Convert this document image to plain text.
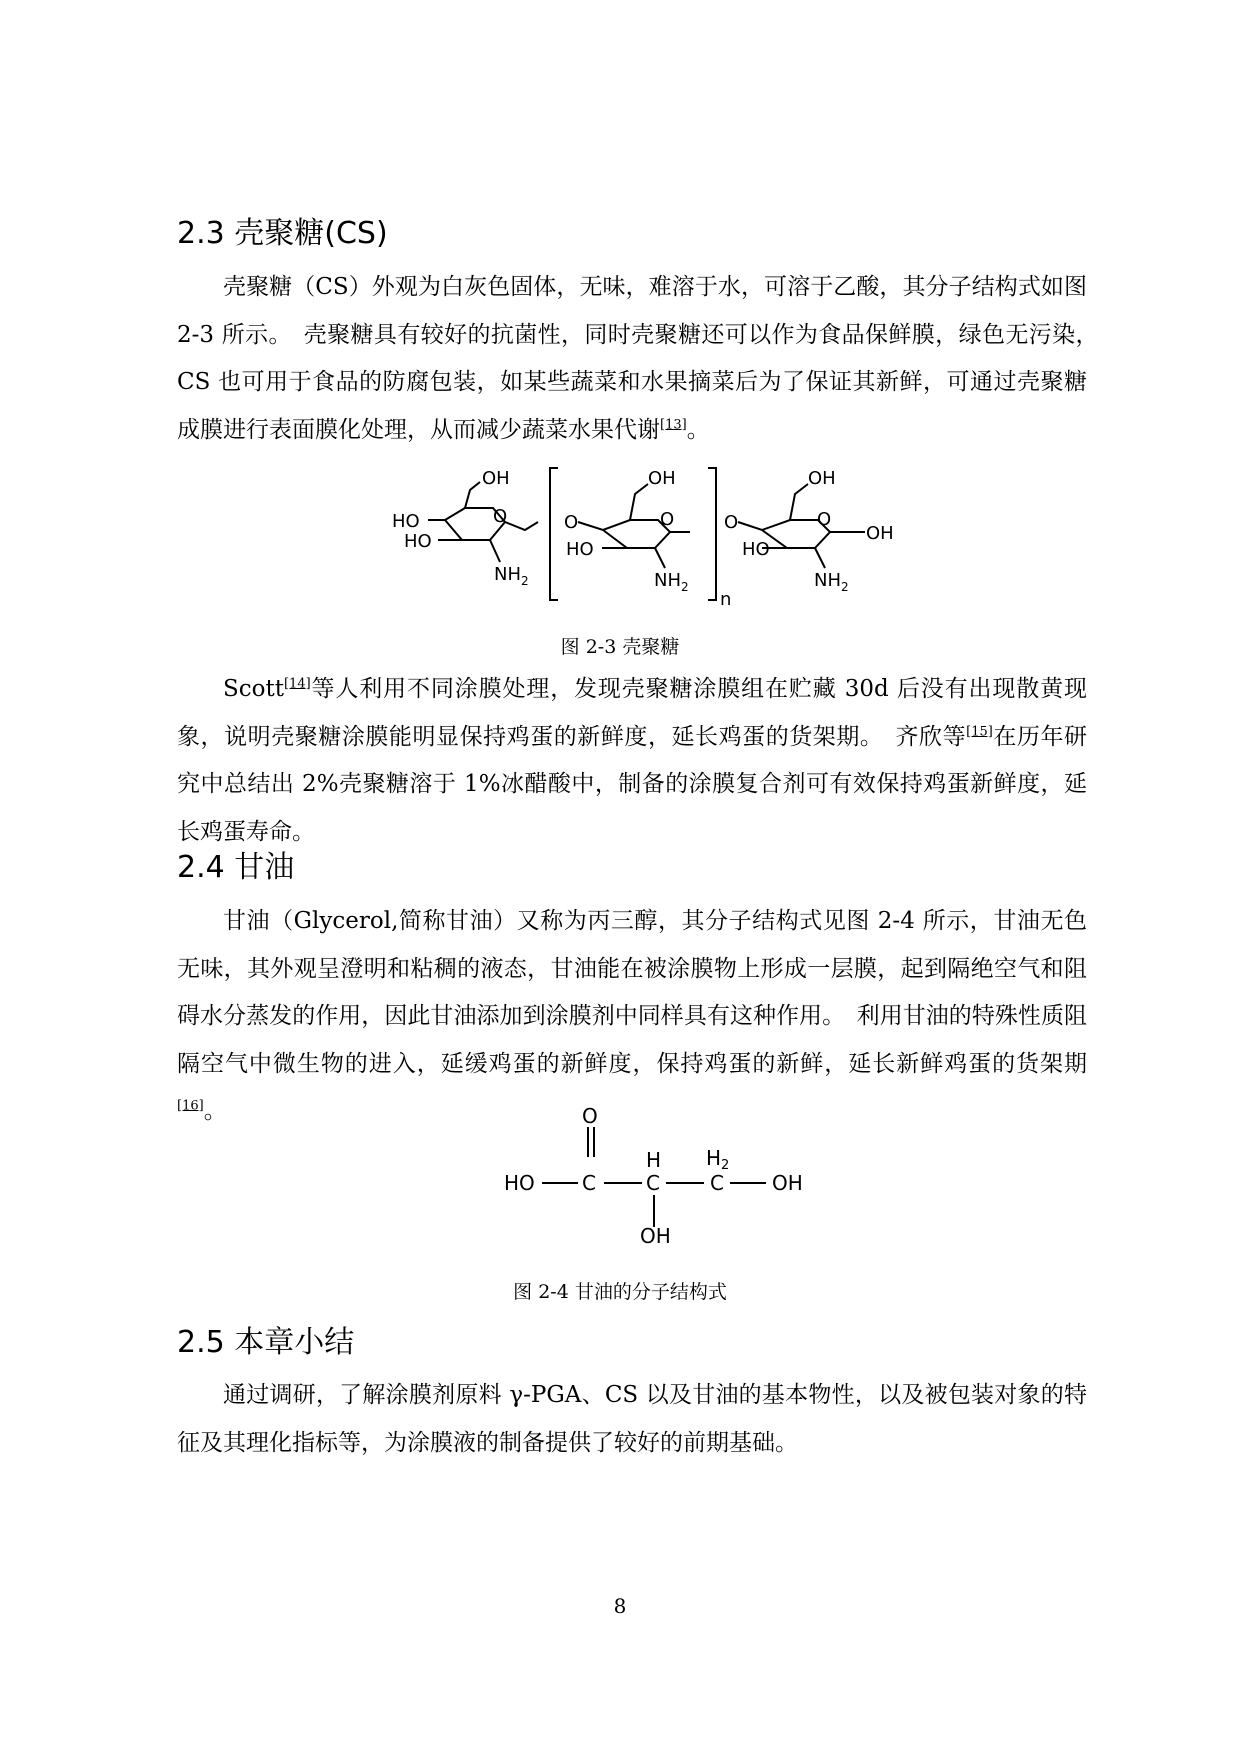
2.3 壳聚糖(CS)

壳聚糖（CS）外观为白灰色固体，无味，难溶于水，可溶于乙酸，其分子结构式如图 2-3 所示。　壳聚糖具有较好的抗菌性，同时壳聚糖还可以作为食品保鲜膜，绿色无污染，　CS 也可用于食品的防腐包装，如某些蔬菜和水果摘菜后为了保证其新鲜，可通过壳聚糖成膜进行表面膜化处理，从而减少蔬菜水果代谢[13]。

OH
HO
HO
O
$NH_2$
O
OH
HO
O
$NH_2$
n
O
OH
HO
O
OH
$NH_2$
图 2-3 壳聚糖

Scott[14]等人利用不同涂膜处理，发现壳聚糖涂膜组在贮藏 30d 后没有出现散黄现象，说明壳聚糖涂膜能明显保持鸡蛋的新鲜度，延长鸡蛋的货架期。　齐欣等[15]在历年研究中总结出 2%壳聚糖溶于 1%冰醋酸中，制备的涂膜复合剂可有效保持鸡蛋新鲜度，延长鸡蛋寿命。

2.4 甘油

甘油（Glycerol,简称甘油）又称为丙三醇，其分子结构式见图 2-4 所示，甘油无色无味，其外观呈澄明和粘稠的液态，甘油能在被涂膜物上形成一层膜，起到隔绝空气和阻碍水分蒸发的作用，因此甘油添加到涂膜剂中同样具有这种作用。　利用甘油的特殊性质阻隔空气中微生物的进入，延缓鸡蛋的新鲜度，保持鸡蛋的新鲜，延长新鲜鸡蛋的货架期[16]。	O
HO C
H
C
$H_2$
C OH
OH
图 2-4 甘油的分子结构式
2.5 本章小结

通过调研，了解涂膜剂原料 γ-PGA、CS 以及甘油的基本物性，以及被包装对象的特征及其理化指标等，为涂膜液的制备提供了较好的前期基础。

8
